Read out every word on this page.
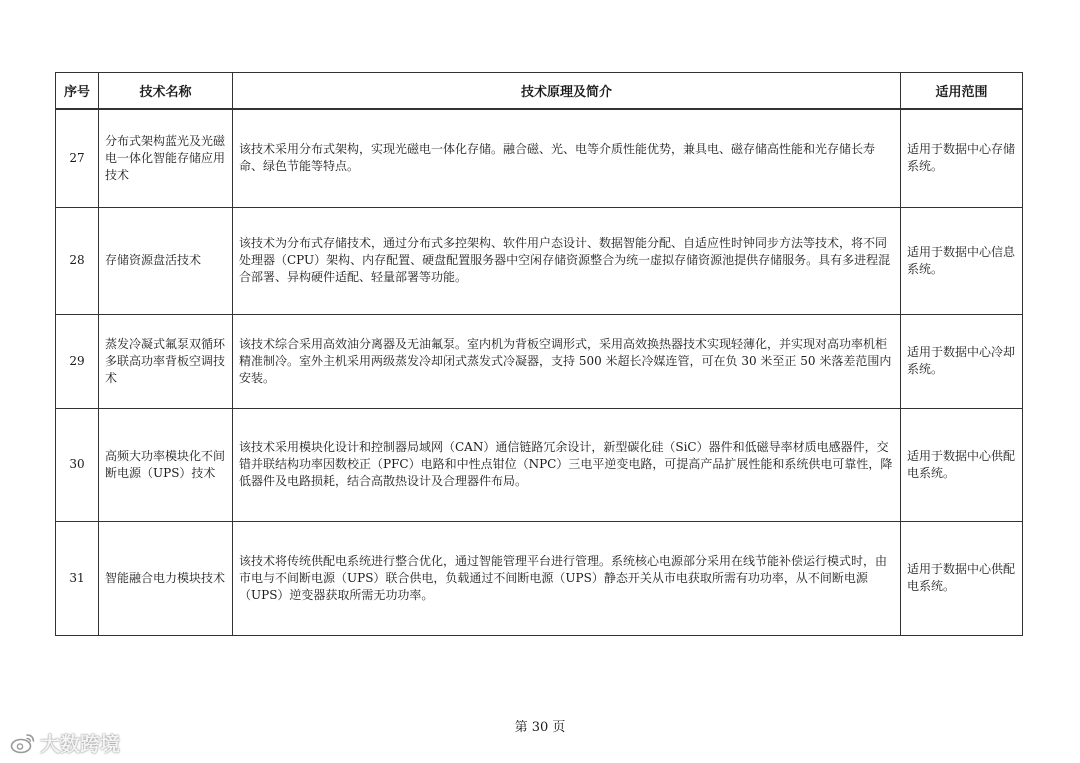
序号	技术名称	技术原理及简介	适用范围
27	分布式架构蓝光及光磁电一体化智能存储应用技术	该技术采用分布式架构，实现光磁电一体化存储。融合磁、光、电等介质性能优势，兼具电、磁存储高性能和光存储长寿命、绿色节能等特点。	适用于数据中心存储系统。
28	存储资源盘活技术	该技术为分布式存储技术，通过分布式多控架构、软件用户态设计、数据智能分配、自适应性时钟同步方法等技术，将不同处理器（CPU）架构、内存配置、硬盘配置服务器中空闲存储资源整合为统一虚拟存储资源池提供存储服务。具有多进程混合部署、异构硬件适配、轻量部署等功能。	适用于数据中心信息系统。
29	蒸发冷凝式氟泵双循环多联高功率背板空调技术	该技术综合采用高效油分离器及无油氟泵。室内机为背板空调形式，采用高效换热器技术实现轻薄化，并实现对高功率机柜精准制冷。室外主机采用两级蒸发冷却闭式蒸发式冷凝器，支持 500 米超长冷媒连管，可在负 30 米至正 50 米落差范围内安装。	适用于数据中心冷却系统。
30	高频大功率模块化不间断电源（UPS）技术	该技术采用模块化设计和控制器局域网（CAN）通信链路冗余设计，新型碳化硅（SiC）器件和低磁导率材质电感器件，交错并联结构功率因数校正（PFC）电路和中性点钳位（NPC）三电平逆变电路，可提高产品扩展性能和系统供电可靠性，降低器件及电路损耗，结合高散热设计及合理器件布局。	适用于数据中心供配电系统。
31	智能融合电力模块技术	该技术将传统供配电系统进行整合优化，通过智能管理平台进行管理。系统核心电源部分采用在线节能补偿运行模式时，由市电与不间断电源（UPS）联合供电，负载通过不间断电源（UPS）静态开关从市电获取所需有功功率，从不间断电源（UPS）逆变器获取所需无功功率。	适用于数据中心供配电系统。
第 30 页
大数跨境
